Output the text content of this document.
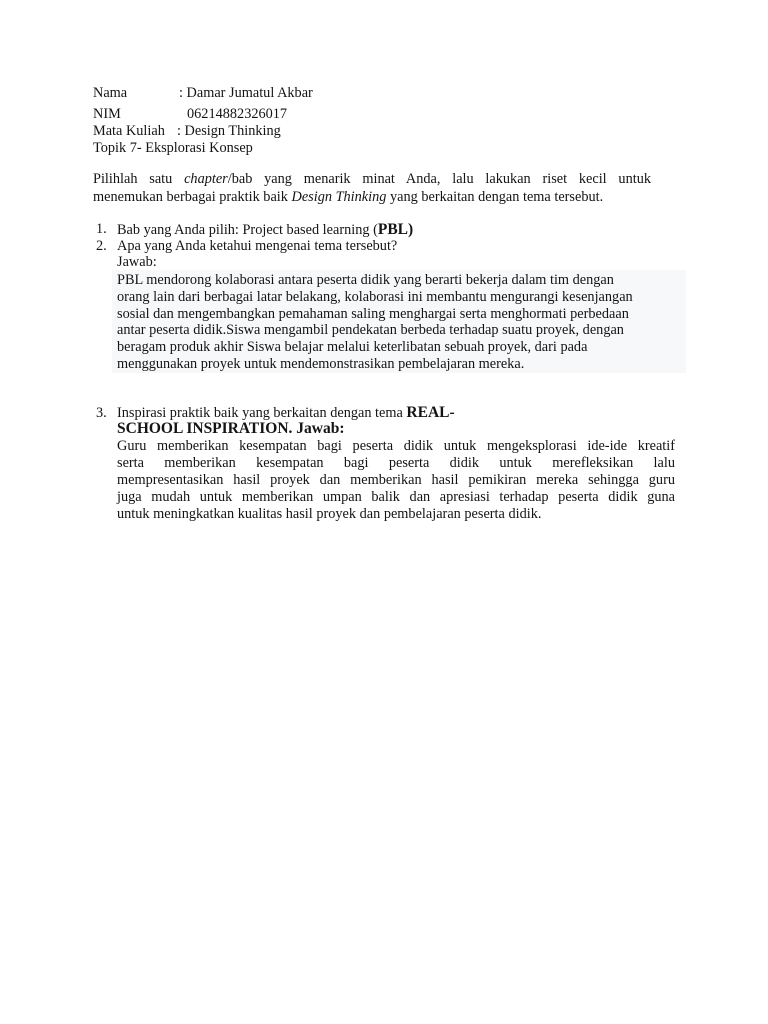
Nama	: Damar Jumatul Akbar
NIM	06214882326017
Mata Kuliah : Design Thinking
Topik 7- Eksplorasi Konsep
Pilihlah satu chapter/bab yang menarik minat Anda, lalu lakukan riset kecil untuk
menemukan berbagai praktik baik Design Thinking yang berkaitan dengan tema tersebut.
1. Bab yang Anda pilih: Project based learning (PBL)
2. Apa yang Anda ketahui mengenai tema tersebut?
Jawab:
PBL mendorong kolaborasi antara peserta didik yang berarti bekerja dalam tim dengan
orang lain dari berbagai latar belakang, kolaborasi ini membantu mengurangi kesenjangan
sosial dan mengembangkan pemahaman saling menghargai serta menghormati perbedaan
antar peserta didik.Siswa mengambil pendekatan berbeda terhadap suatu proyek, dengan
beragam produk akhir Siswa belajar melalui keterlibatan sebuah proyek, dari pada
menggunakan proyek untuk mendemonstrasikan pembelajaran mereka.
3. Inspirasi praktik baik yang berkaitan dengan tema REAL-
SCHOOL INSPIRATION. Jawab:
Guru memberikan kesempatan bagi peserta didik untuk mengeksplorasi ide-ide kreatif
serta memberikan kesempatan bagi peserta didik untuk merefleksikan lalu
mempresentasikan hasil proyek dan memberikan hasil pemikiran mereka sehingga guru
juga mudah untuk memberikan umpan balik dan apresiasi terhadap peserta didik guna
untuk meningkatkan kualitas hasil proyek dan pembelajaran peserta didik.
